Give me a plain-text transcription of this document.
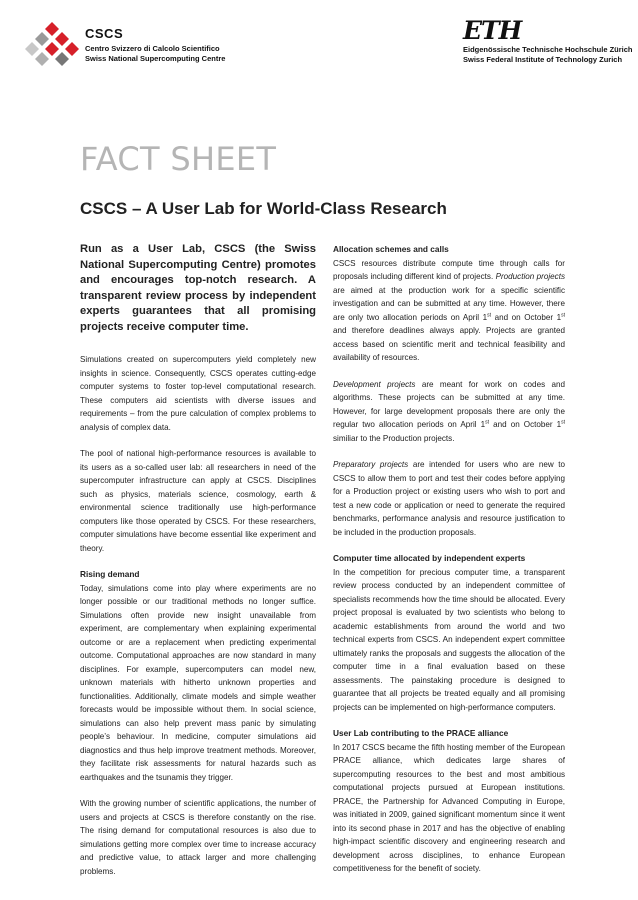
CSCS
Centro Svizzero di Calcolo Scientifico
Swiss National Supercomputing Centre
ETH
Eidgenössische Technische Hochschule Zürich
Swiss Federal Institute of Technology Zurich
FACT SHEET
CSCS – A User Lab for World-Class Research
Run as a User Lab, CSCS (the Swiss National Supercomputing Centre) promotes and encourages top-notch research. A transparent review process by independent experts guarantees that all promising projects receive computer time.

Simulations created on supercomputers yield completely new insights in science. Consequently, CSCS operates cutting-edge computer systems to foster top-level computational research. These computers aid scientists with diverse issues and requirements – from the pure calculation of complex problems to analysis of complex data.

The pool of national high-performance resources is available to its users as a so-called user lab: all researchers in need of the supercomputer infrastructure can apply at CSCS. Disciplines such as physics, materials science, cosmology, earth & environmental science traditionally use high-performance computers like those operated by CSCS. For these researchers, computer simulations have become essential like experiment and theory.

Rising demand

Today, simulations come into play where experiments are no longer possible or our traditional methods no longer suffice. Simulations often provide new insight unavailable from experiment, are complementary when explaining experimental outcome or are a replacement when predicting experimental outcome. Computational approaches are now standard in many disciplines. For example, supercomputers can model new, unknown materials with hitherto unknown properties and functionalities. Additionally, climate models and simple weather forecasts would be impossible without them. In social science, simulations can also help prevent mass panic by simulating people’s behaviour. In medicine, computer simulations aid diagnostics and thus help improve treatment methods. Moreover, they facilitate risk assessments for natural hazards such as earthquakes and the tsunamis they trigger.

With the growing number of scientific applications, the number of users and projects at CSCS is therefore constantly on the rise. The rising demand for computational resources is also due to simulations getting more complex over time to increase accuracy and predictive value, to attack larger and more challenging problems.

Allocation schemes and calls

CSCS resources distribute compute time through calls for proposals including different kind of projects. Production projects are aimed at the production work for a specific scientific investigation and can be submitted at any time. However, there are only two allocation periods on April 1st and on October 1st and therefore deadlines always apply. Projects are granted access based on scientific merit and technical feasibility and availability of resources.

Development projects are meant for work on codes and algorithms. These projects can be submitted at any time. However, for large development proposals there are only the regular two allocation periods on April 1st and on October 1st similiar to the Production projects.

Preparatory projects are intended for users who are new to CSCS to allow them to port and test their codes before applying for a Production project or existing users who wish to port and test a new code or application or need to generate the required benchmarks, performance analysis and resource justification to be included in the production proposals.

Computer time allocated by independent experts

In the competition for precious computer time, a transparent review process conducted by an independent committee of specialists recommends how the time should be allocated. Every project proposal is evaluated by two scientists who belong to academic establishments from around the world and two technical experts from CSCS. An independent expert committee ultimately ranks the proposals and suggests the allocation of the computer time in a final evaluation based on these assessments. The painstaking procedure is designed to guarantee that all projects be treated equally and all promising projects can be implemented on high-performance computers.

User Lab contributing to the PRACE alliance

In 2017 CSCS became the fifth hosting member of the European PRACE alliance, which dedicates large shares of supercomputing resources to the best and most ambitious computational projects pursued at European institutions. PRACE, the Partnership for Advanced Computing in Europe, was initiated in 2009, gained significant momentum since it went into its second phase in 2017 and has the objective of enabling high-impact scientific discovery and engineering research and development across disciplines, to enhance European competitiveness for the benefit of society.
